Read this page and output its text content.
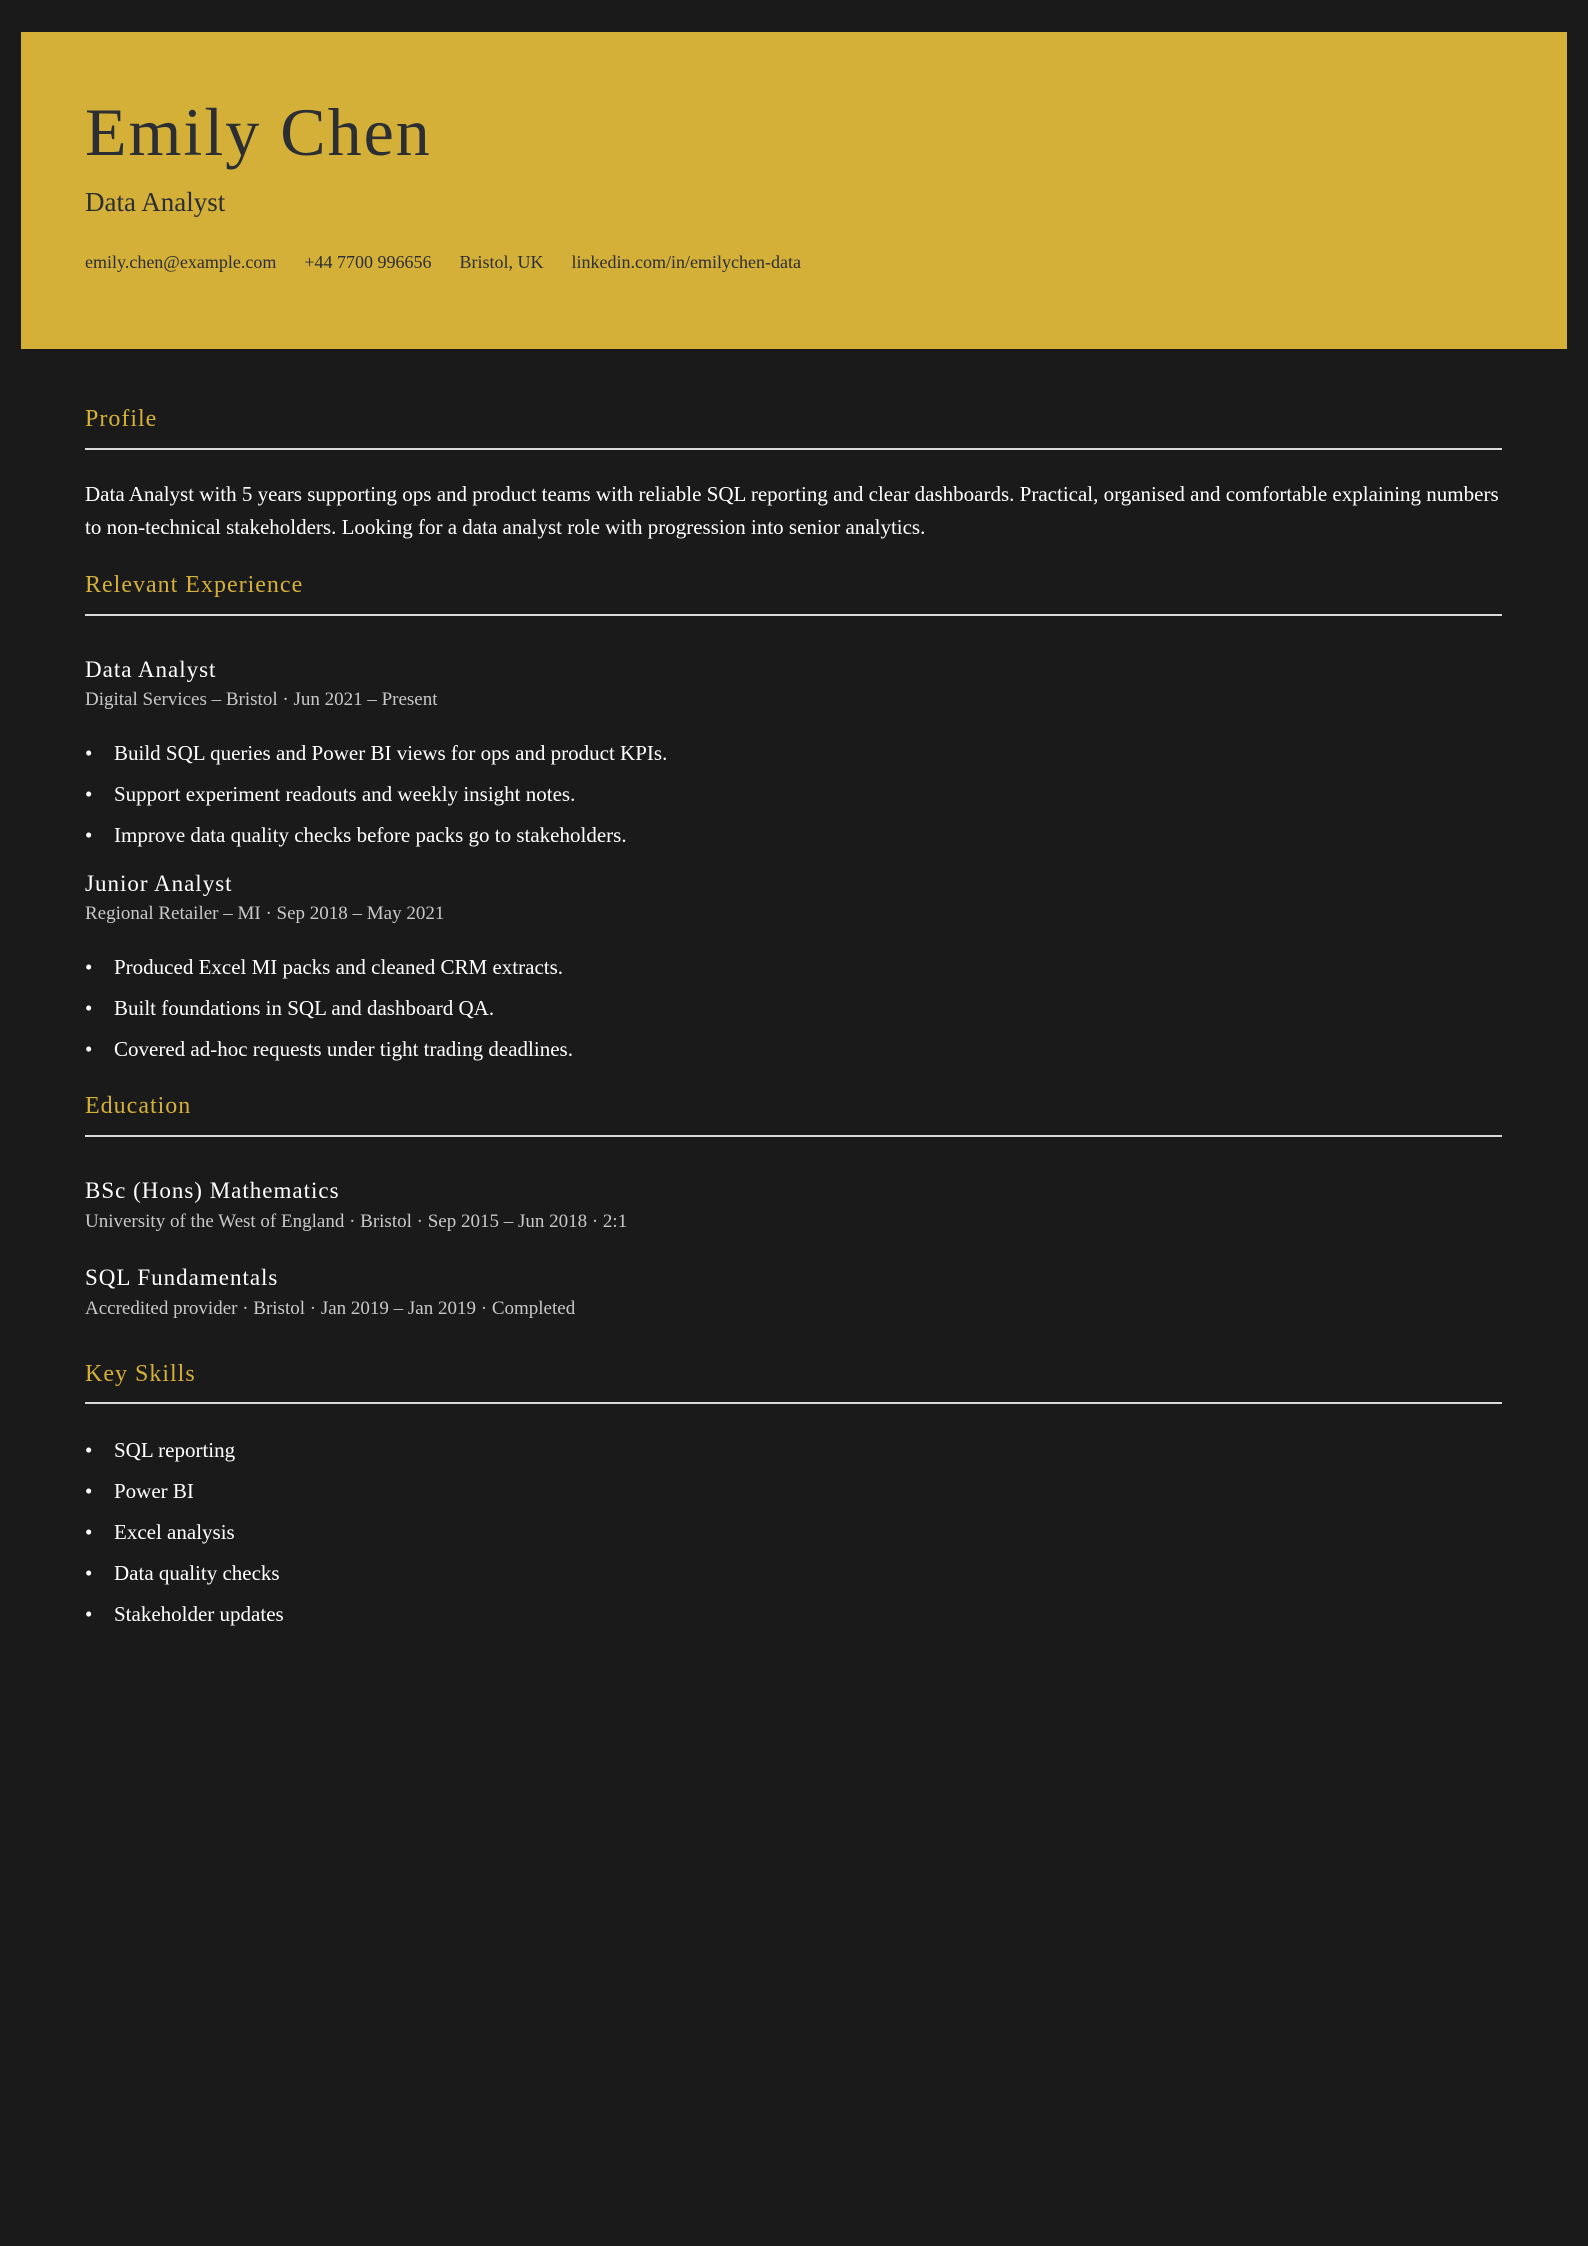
Emily Chen
Data Analyst
emily.chen@example.com +44 7700 996656 Bristol, UK linkedin.com/in/emilychen-data
Profile

Data Analyst with 5 years supporting ops and product teams with reliable SQL reporting and clear dashboards. Practical, organised and comfortable explaining numbers to non-technical stakeholders. Looking for a data analyst role with progression into senior analytics.

Relevant Experience
Data Analyst
Digital Services – Bristol · Jun 2021 – Present
• Build SQL queries and Power BI views for ops and product KPIs.
• Support experiment readouts and weekly insight notes.
• Improve data quality checks before packs go to stakeholders.
Junior Analyst
Regional Retailer – MI · Sep 2018 – May 2021
• Produced Excel MI packs and cleaned CRM extracts.
• Built foundations in SQL and dashboard QA.
• Covered ad-hoc requests under tight trading deadlines.
Education
BSc (Hons) Mathematics
University of the West of England · Bristol · Sep 2015 – Jun 2018 · 2:1
SQL Fundamentals
Accredited provider · Bristol · Jan 2019 – Jan 2019 · Completed
Key Skills
• SQL reporting
• Power BI
• Excel analysis
• Data quality checks
• Stakeholder updates
